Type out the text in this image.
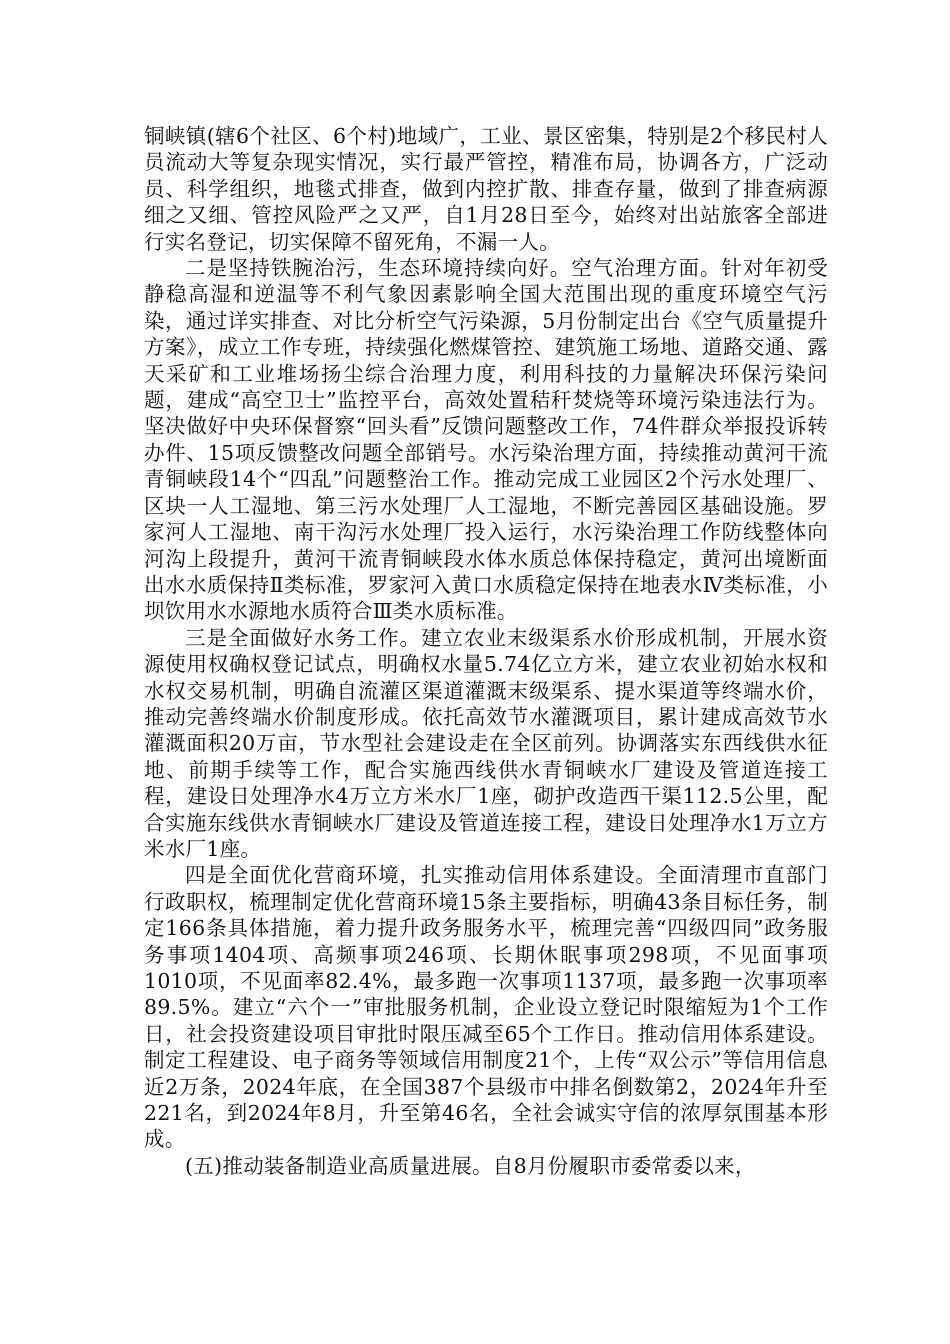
铜峡镇(辖6个社区、6个村)地域广，工业、景区密集，特别是2个移民村人员流动大等复杂现实情况，实行最严管控，精准布局，协调各方，广泛动员、科学组织，地毯式排查，做到内控扩散、排查存量，做到了排查病源细之又细、管控风险严之又严，自1月28日至今，始终对出站旅客全部进行实名登记，切实保障不留死角，不漏一人。

二是坚持铁腕治污，生态环境持续向好。空气治理方面。针对年初受静稳高湿和逆温等不利气象因素影响全国大范围出现的重度环境空气污染，通过详实排查、对比分析空气污染源，5月份制定出台《空气质量提升方案》，成立工作专班，持续强化燃煤管控、建筑施工场地、道路交通、露天采矿和工业堆场扬尘综合治理力度，利用科技的力量解决环保污染问题，建成“高空卫士”监控平台，高效处置秸秆焚烧等环境污染违法行为。坚决做好中央环保督察“回头看”反馈问题整改工作，74件群众举报投诉转办件、15项反馈整改问题全部销号。水污染治理方面，持续推动黄河干流青铜峡段14个“四乱”问题整治工作。推动完成工业园区2个污水处理厂、区块一人工湿地、第三污水处理厂人工湿地，不断完善园区基础设施。罗家河人工湿地、南干沟污水处理厂投入运行，水污染治理工作防线整体向河沟上段提升，黄河干流青铜峡段水体水质总体保持稳定，黄河出境断面出水水质保持Ⅱ类标准，罗家河入黄口水质稳定保持在地表水Ⅳ类标准，小坝饮用水水源地水质符合Ⅲ类水质标准。

三是全面做好水务工作。建立农业末级渠系水价形成机制，开展水资源使用权确权登记试点，明确权水量5.74亿立方米，建立农业初始水权和水权交易机制，明确自流灌区渠道灌溉末级渠系、提水渠道等终端水价，推动完善终端水价制度形成。依托高效节水灌溉项目，累计建成高效节水灌溉面积20万亩，节水型社会建设走在全区前列。协调落实东西线供水征地、前期手续等工作，配合实施西线供水青铜峡水厂建设及管道连接工程，建设日处理净水4万立方米水厂1座，砌护改造西干渠112.5公里，配合实施东线供水青铜峡水厂建设及管道连接工程，建设日处理净水1万立方米水厂1座。

四是全面优化营商环境，扎实推动信用体系建设。全面清理市直部门行政职权，梳理制定优化营商环境15条主要指标，明确43条目标任务，制定166条具体措施，着力提升政务服务水平，梳理完善“四级四同”政务服务事项1404项、高频事项246项、长期休眠事项298项，不见面事项1010项，不见面率82.4%，最多跑一次事项1137项，最多跑一次事项率89.5%。建立“六个一”审批服务机制，企业设立登记时限缩短为1个工作日，社会投资建设项目审批时限压减至65个工作日。推动信用体系建设。制定工程建设、电子商务等领域信用制度21个，上传“双公示”等信用信息近2万条，2024年底，在全国387个县级市中排名倒数第2，2024年升至221名，到2024年8月，升至第46名，全社会诚实守信的浓厚氛围基本形成。

(五)推动装备制造业高质量进展。自8月份履职市委常委以来，
